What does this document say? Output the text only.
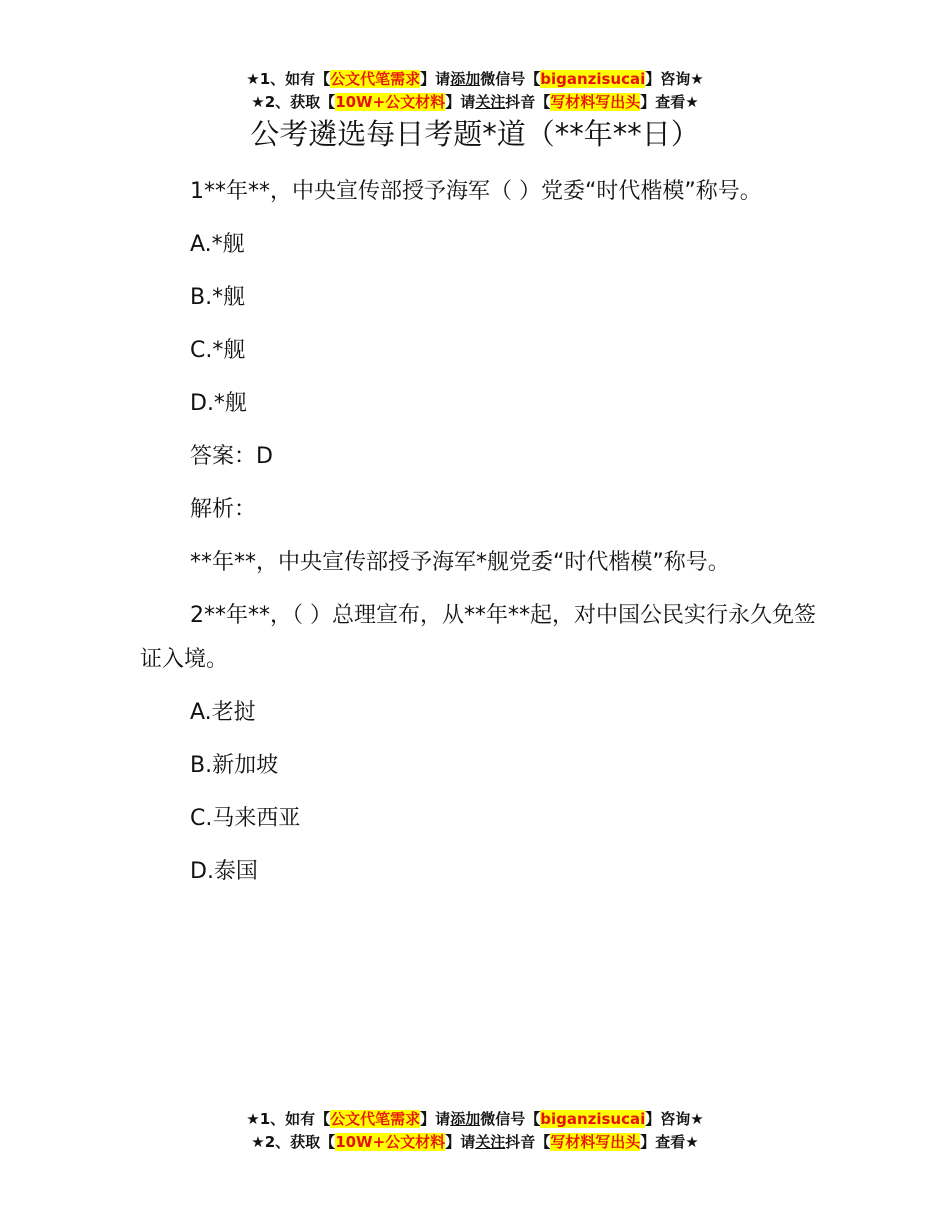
★1、如有【公文代笔需求】请添加微信号【biganzisucai】咨询★
★2、获取【10W+公文材料】请关注抖音【写材料写出头】查看★
公考遴选每日考题*道（**年**日）

1**年**，中央宣传部授予海军（ ）党委“时代楷模”称号。

A.*舰

B.*舰

C.*舰

D.*舰

答案：D

解析：

**年**，中央宣传部授予海军*舰党委“时代楷模”称号。

2**年**，（ ）总理宣布，从**年**起，对中国公民实行永久免签证入境。

A.老挝

B.新加坡

C.马来西亚

D.泰国

★1、如有【公文代笔需求】请添加微信号【biganzisucai】咨询★
★2、获取【10W+公文材料】请关注抖音【写材料写出头】查看★
